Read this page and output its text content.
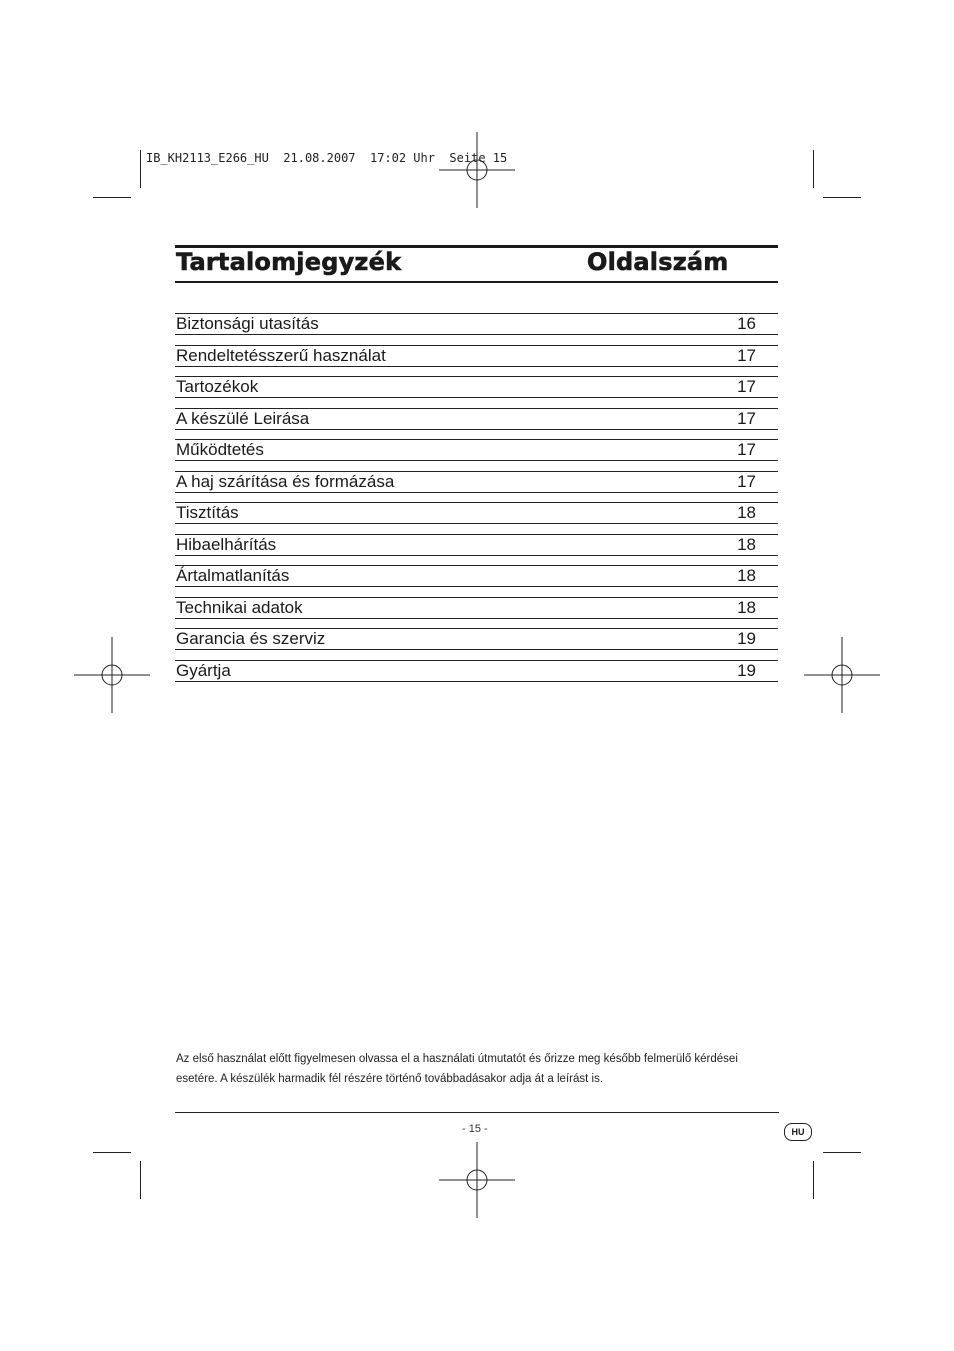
IB_KH2113_E266_HU  21.08.2007  17:02 Uhr  Seite 15
Tartalomjegyzék	Oldalszám
Biztonsági utasítás	16
Rendeltetésszerű használat	17
Tartozékok	17
A készülé Leirása	17
Működtetés	17
A haj szárítása és formázása	17
Tisztítás	18
Hibaelhárítás	18
Ártalmatlanítás	18
Technikai adatok	18
Garancia és szerviz	19
Gyártja	19
Az első használat előtt figyelmesen olvassa el a használati útmutatót és őrizze meg később felmerülő kérdései esetére. A készülék harmadik fél részére történő továbbadásakor adja át a leírást is.
- 15 -	HU
